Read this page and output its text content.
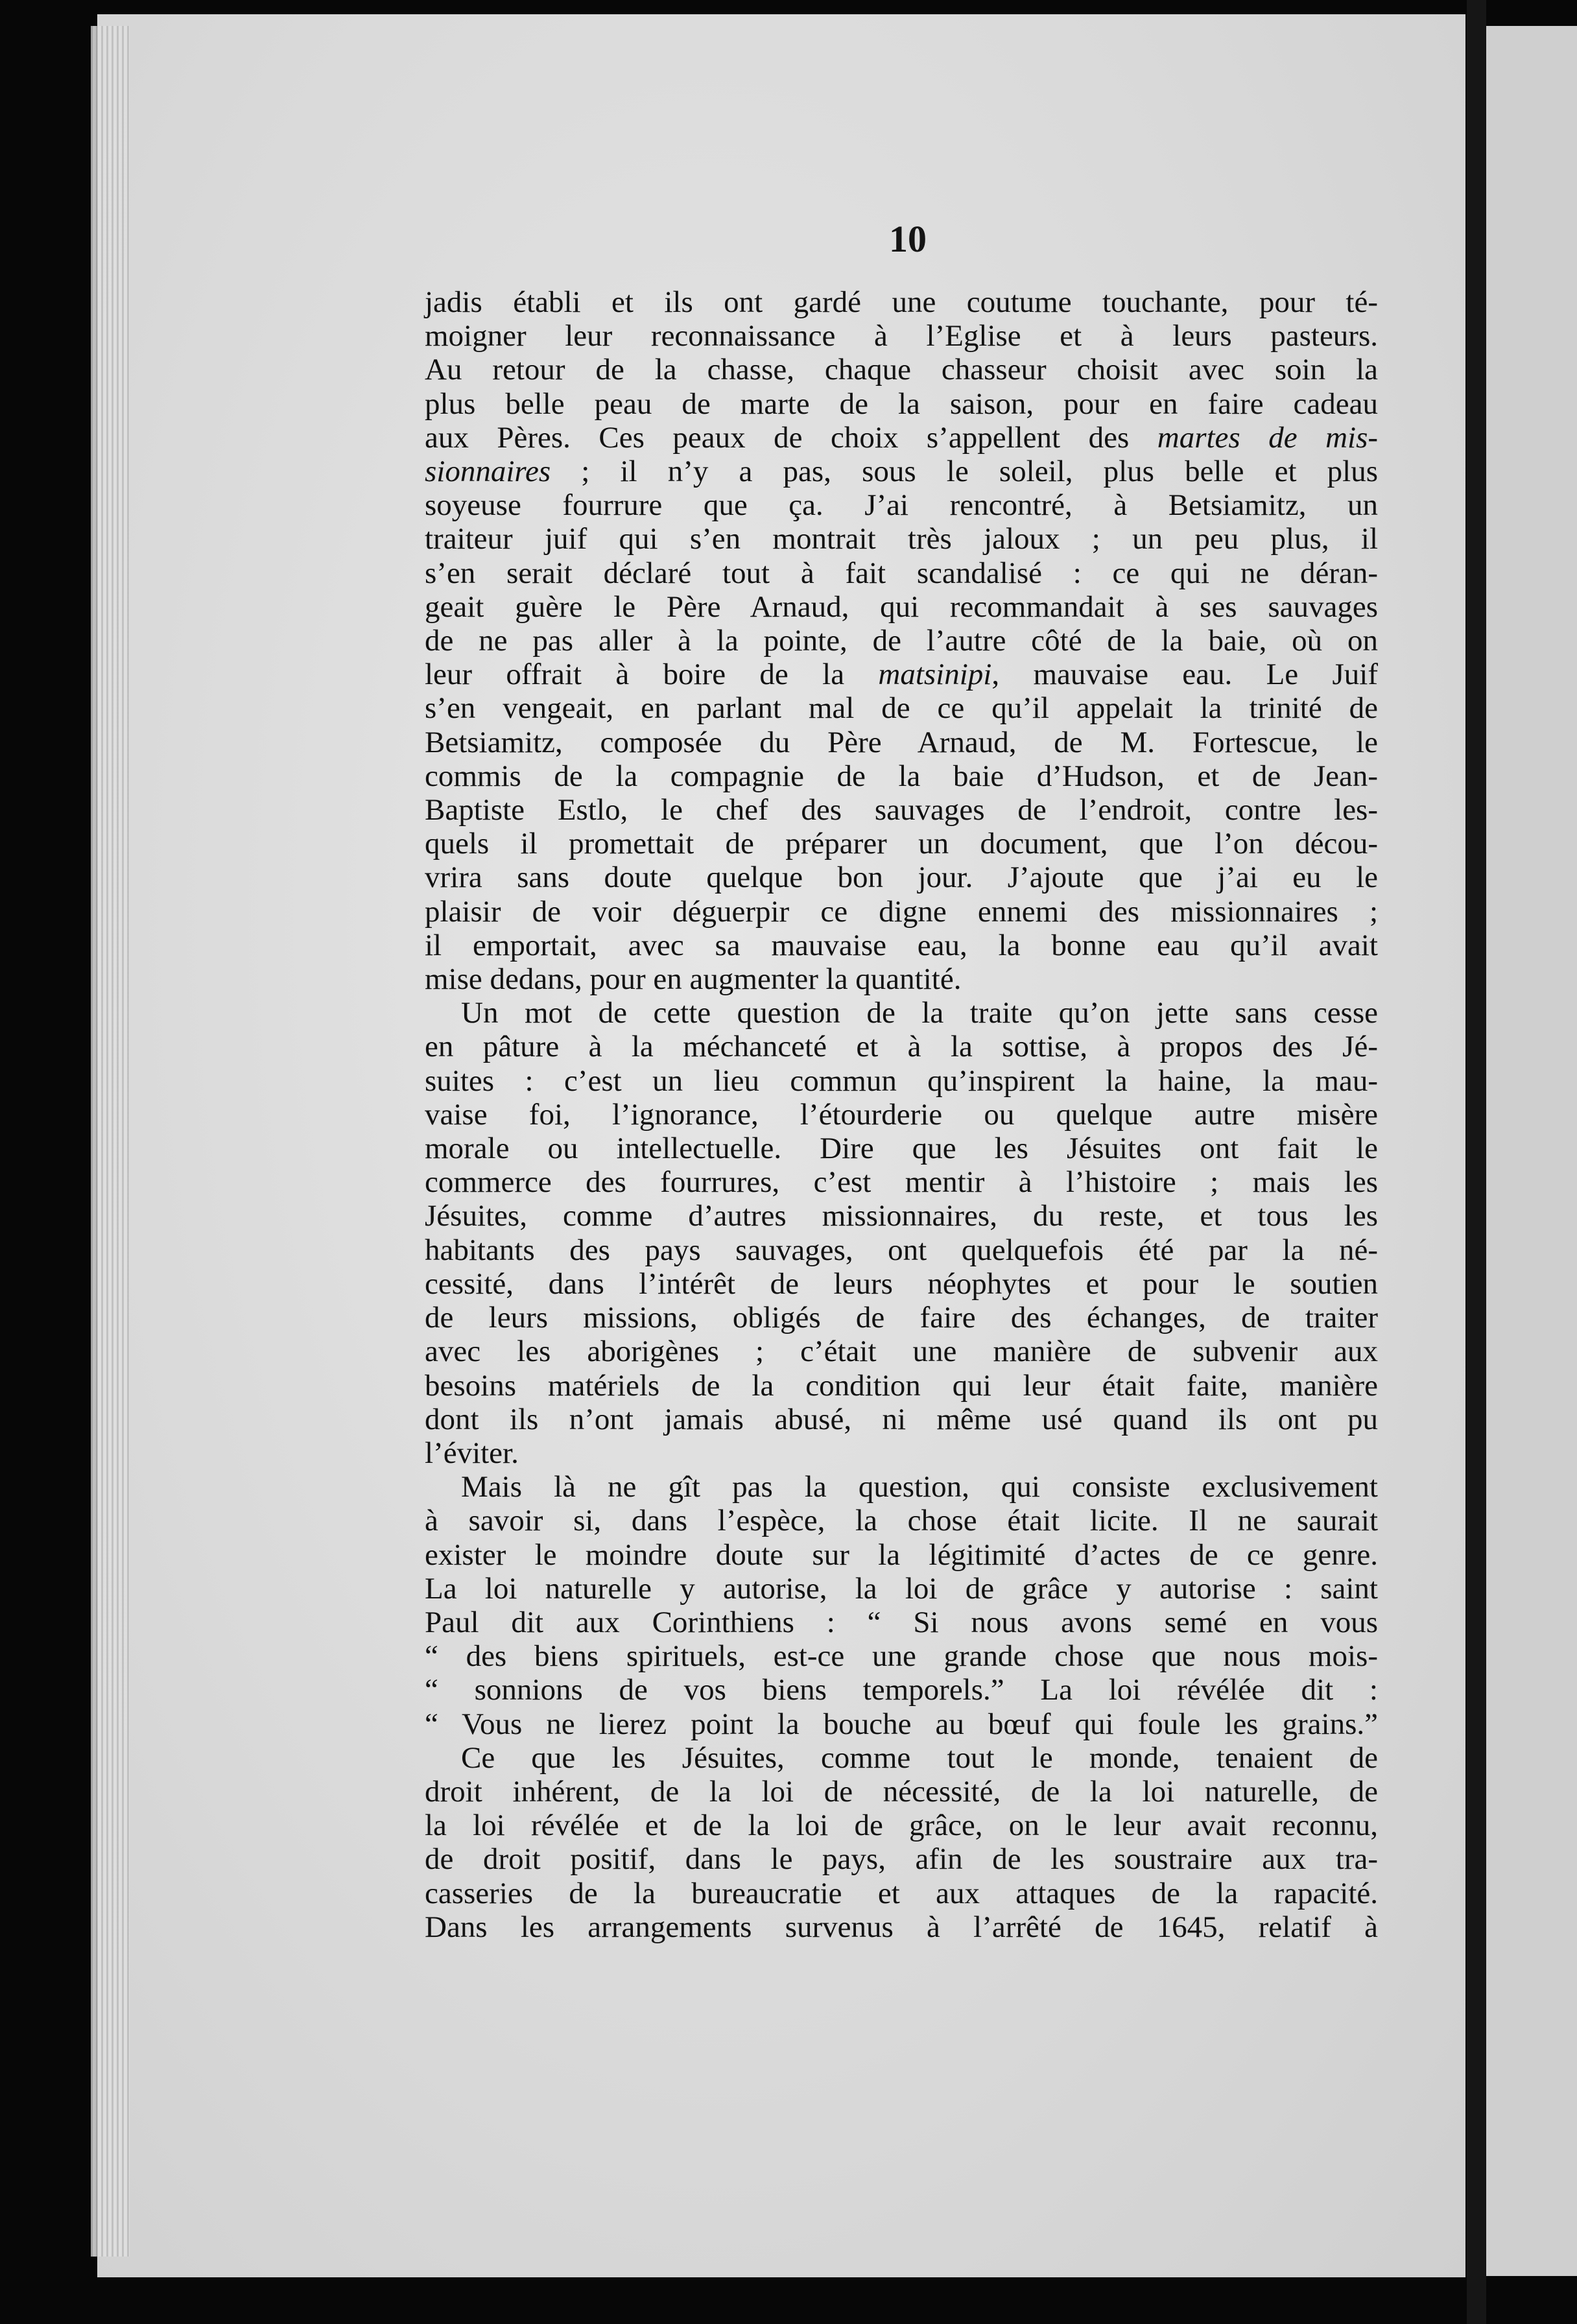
10

jadis établi et ils ont gardé une coutume touchante, pour té-

moigner leur reconnaissance à l’Eglise et à leurs pasteurs.

Au retour de la chasse, chaque chasseur choisit avec soin la

plus belle peau de marte de la saison, pour en faire cadeau

aux Pères. Ces peaux de choix s’appellent des martes de mis-

sionnaires ; il n’y a pas, sous le soleil, plus belle et plus

soyeuse fourrure que ça. J’ai rencontré, à Betsiamitz, un

traiteur juif qui s’en montrait très jaloux ; un peu plus, il

s’en serait déclaré tout à fait scandalisé : ce qui ne déran-

geait guère le Père Arnaud, qui recommandait à ses sauvages

de ne pas aller à la pointe, de l’autre côté de la baie, où on

leur offrait à boire de la matsinipi, mauvaise eau. Le Juif

s’en vengeait, en parlant mal de ce qu’il appelait la trinité de

Betsiamitz, composée du Père Arnaud, de M. Fortescue, le

commis de la compagnie de la baie d’Hudson, et de Jean-

Baptiste Estlo, le chef des sauvages de l’endroit, contre les-

quels il promettait de préparer un document, que l’on décou-

vrira sans doute quelque bon jour. J’ajoute que j’ai eu le

plaisir de voir déguerpir ce digne ennemi des missionnaires ;

il emportait, avec sa mauvaise eau, la bonne eau qu’il avait

mise dedans, pour en augmenter la quantité.

Un mot de cette question de la traite qu’on jette sans cesse

en pâture à la méchanceté et à la sottise, à propos des Jé-

suites : c’est un lieu commun qu’inspirent la haine, la mau-

vaise foi, l’ignorance, l’étourderie ou quelque autre misère

morale ou intellectuelle. Dire que les Jésuites ont fait le

commerce des fourrures, c’est mentir à l’histoire ; mais les

Jésuites, comme d’autres missionnaires, du reste, et tous les

habitants des pays sauvages, ont quelquefois été par la né-

cessité, dans l’intérêt de leurs néophytes et pour le soutien

de leurs missions, obligés de faire des échanges, de traiter

avec les aborigènes ; c’était une manière de subvenir aux

besoins matériels de la condition qui leur était faite, manière

dont ils n’ont jamais abusé, ni même usé quand ils ont pu

l’éviter.

Mais là ne gît pas la question, qui consiste exclusivement

à savoir si, dans l’espèce, la chose était licite. Il ne saurait

exister le moindre doute sur la légitimité d’actes de ce genre.

La loi naturelle y autorise, la loi de grâce y autorise : saint

Paul dit aux Corinthiens : “ Si nous avons semé en vous

“ des biens spirituels, est-ce une grande chose que nous mois-

“ sonnions de vos biens temporels.” La loi révélée dit :

“ Vous ne lierez point la bouche au bœuf qui foule les grains.”

Ce que les Jésuites, comme tout le monde, tenaient de

droit inhérent, de la loi de nécessité, de la loi naturelle, de

la loi révélée et de la loi de grâce, on le leur avait reconnu,

de droit positif, dans le pays, afin de les soustraire aux tra-

casseries de la bureaucratie et aux attaques de la rapacité.

Dans les arrangements survenus à l’arrêté de 1645, relatif à
